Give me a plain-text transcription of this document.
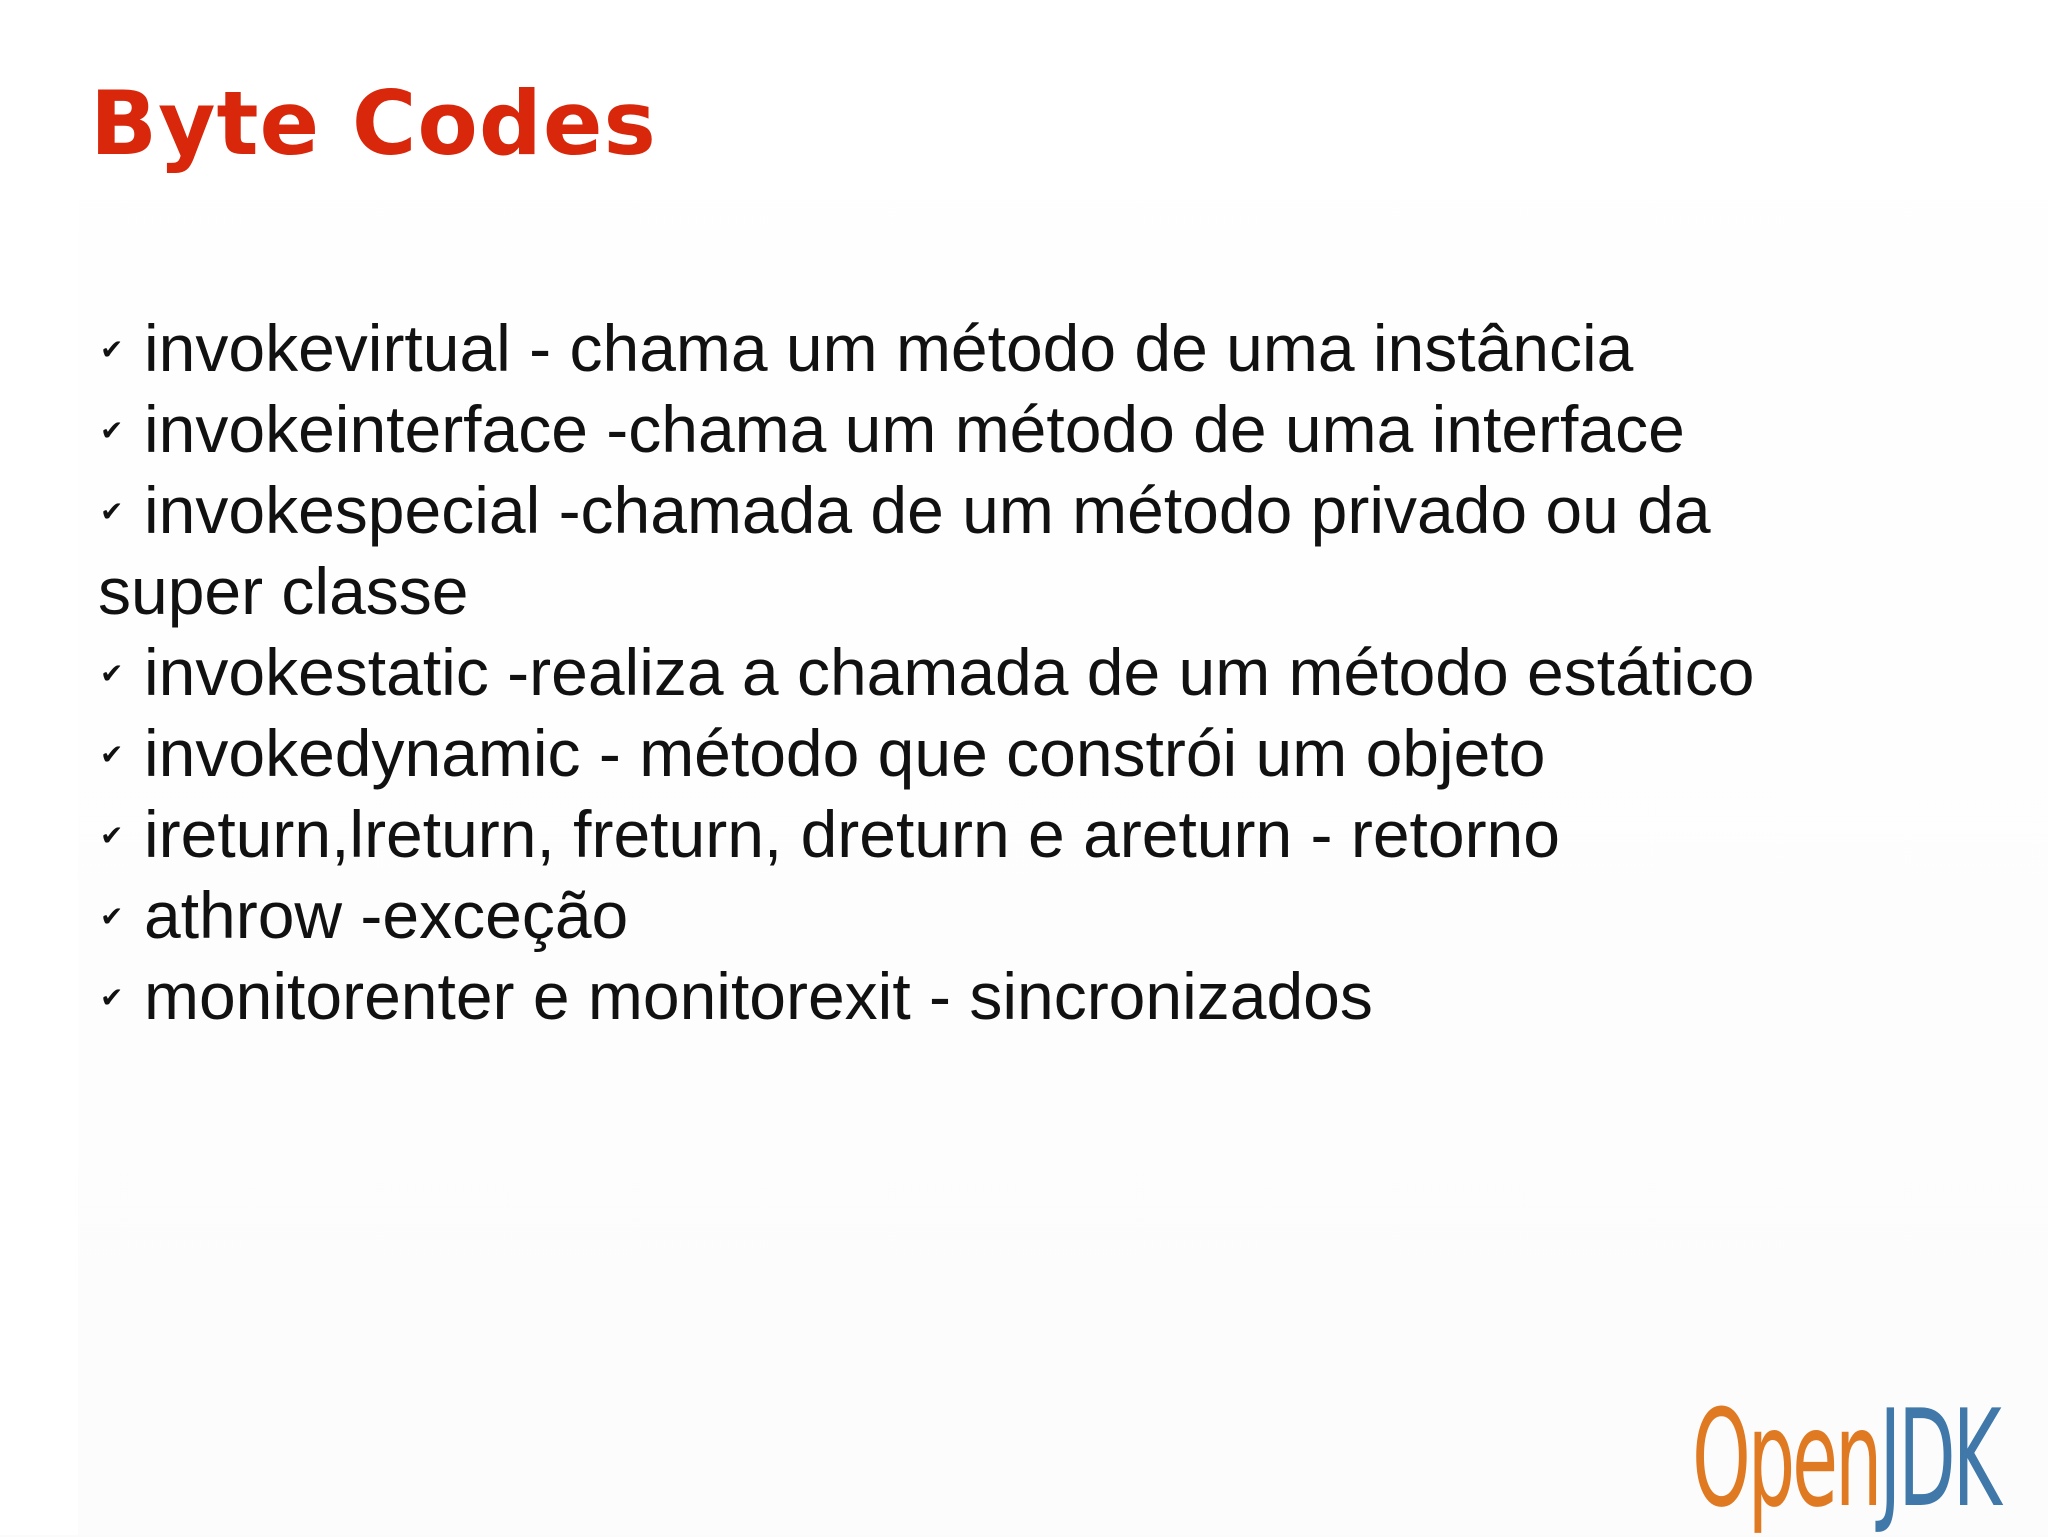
Byte Codes
✔ invokevirtual - chama um método de uma instância
✔ invokeinterface -chama um método de uma interface
✔ invokespecial -chamada de um método privado ou da
super classe
✔ invokestatic -realiza a chamada de um método estático
✔ invokedynamic - método que constrói um objeto
✔ ireturn,lreturn, freturn, dreturn e areturn - retorno
✔ athrow -exceção
✔ monitorenter e monitorexit - sincronizados
OpenJDK
